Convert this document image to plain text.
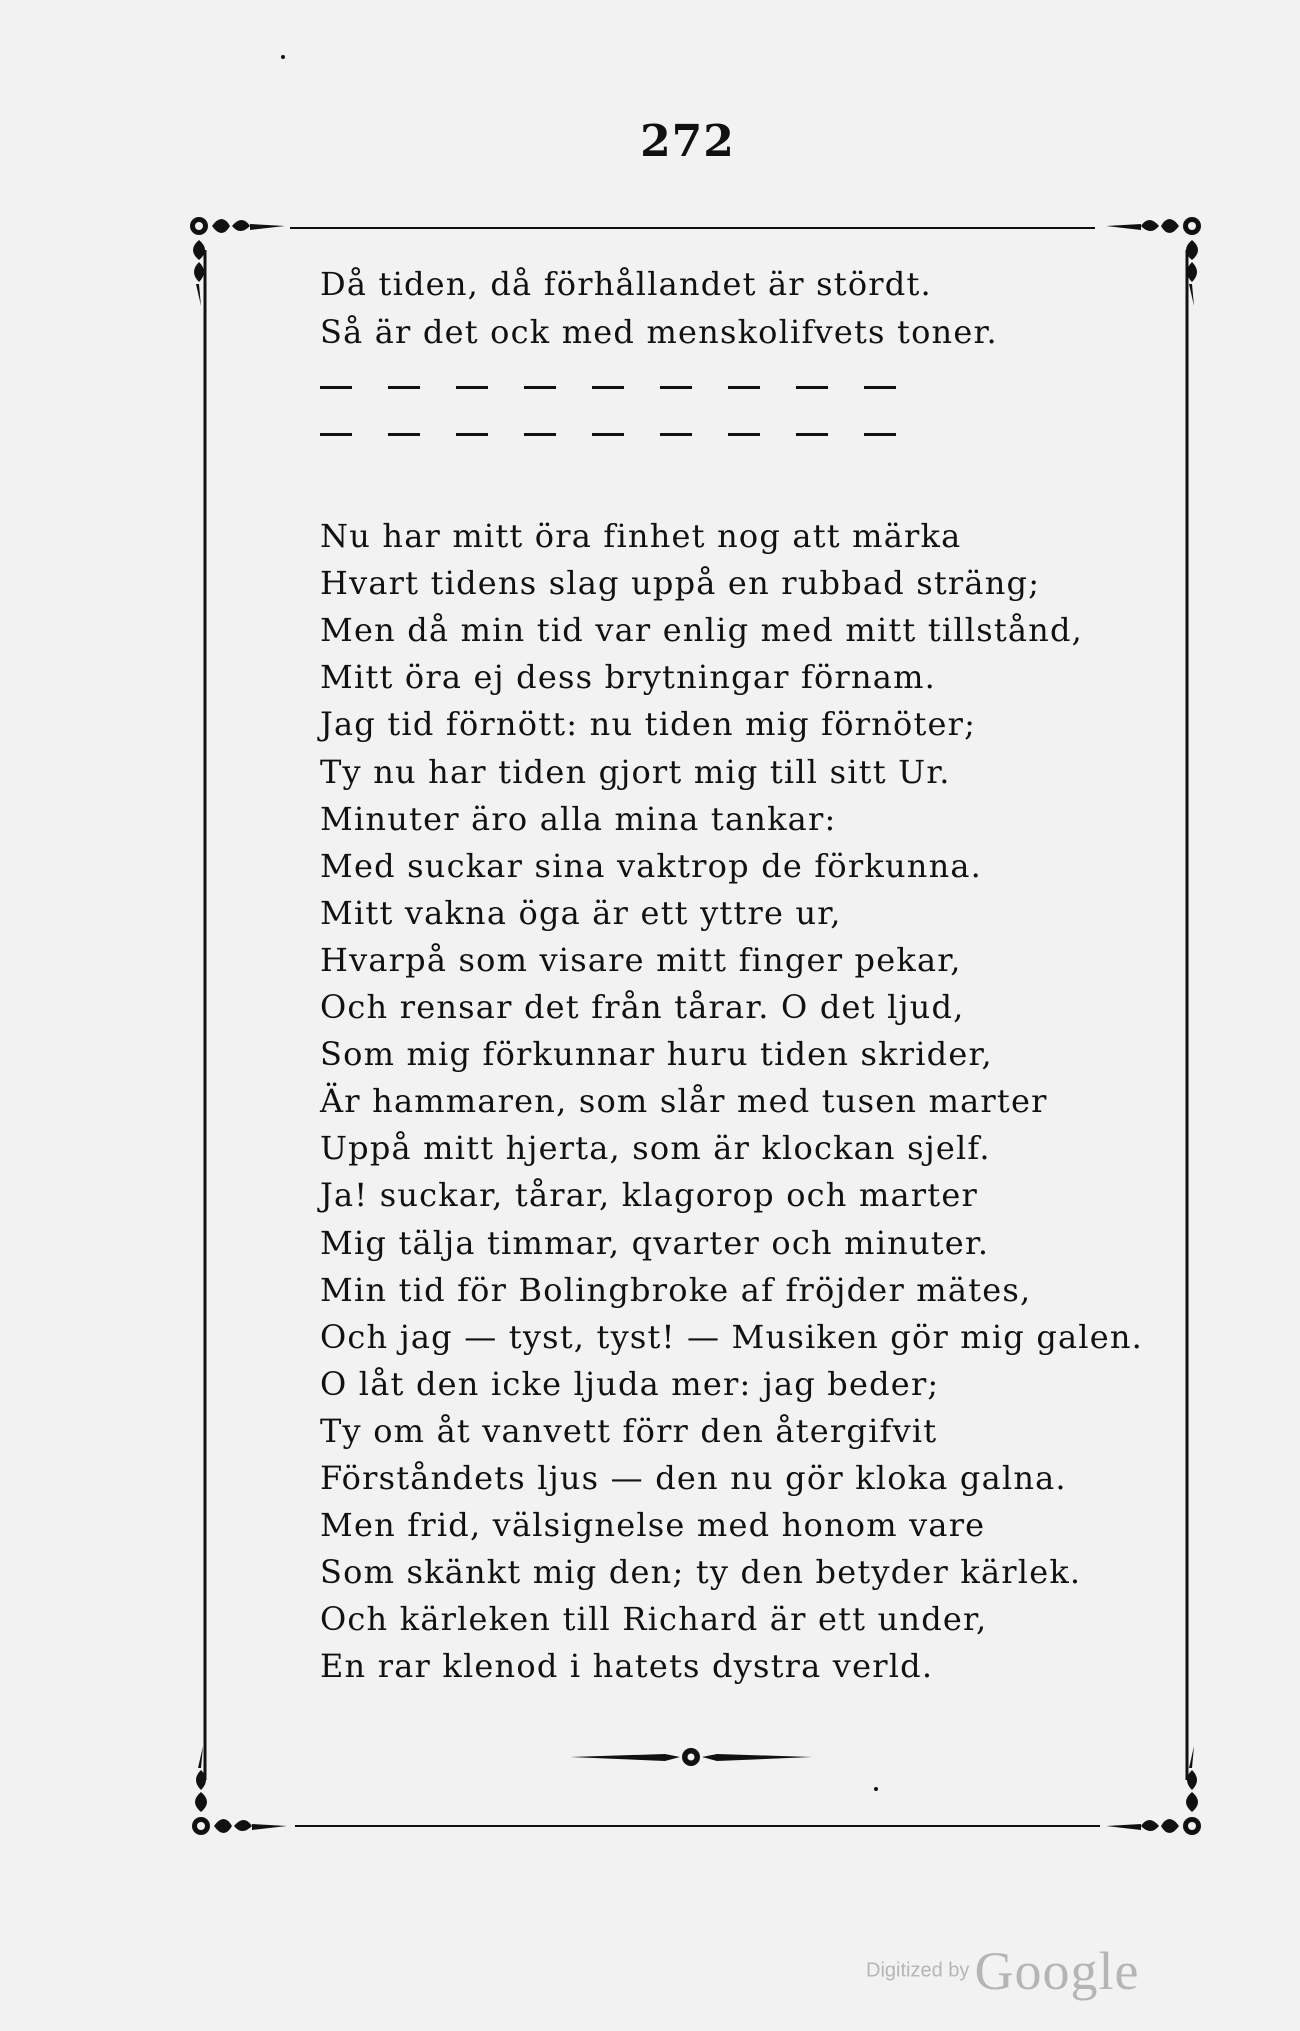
272
Då tiden, då förhållandet är stördt.
Så är det ock med menskolifvets toner.
Nu har mitt öra finhet nog att märka
Hvart tidens slag uppå en rubbad sträng;
Men då min tid var enlig med mitt tillstånd,
Mitt öra ej dess brytningar förnam.
Jag tid förnött: nu tiden mig förnöter;
Ty nu har tiden gjort mig till sitt Ur.
Minuter äro alla mina tankar:
Med suckar sina vaktrop de förkunna.
Mitt vakna öga är ett yttre ur,
Hvarpå som visare mitt finger pekar,
Och rensar det från tårar. O det ljud,
Som mig förkunnar huru tiden skrider,
Är hammaren, som slår med tusen marter
Uppå mitt hjerta, som är klockan sjelf.
Ja! suckar, tårar, klagorop och marter
Mig tälja timmar, qvarter och minuter.
Min tid för Bolingbroke af fröjder mätes,
Och jag — tyst, tyst! — Musiken gör mig galen.
O låt den icke ljuda mer: jag beder;
Ty om åt vanvett förr den återgifvit
Förståndets ljus — den nu gör kloka galna.
Men frid, välsignelse med honom vare
Som skänkt mig den; ty den betyder kärlek.
Och kärleken till Richard är ett under,
En rar klenod i hatets dystra verld.
Digitized by Google
